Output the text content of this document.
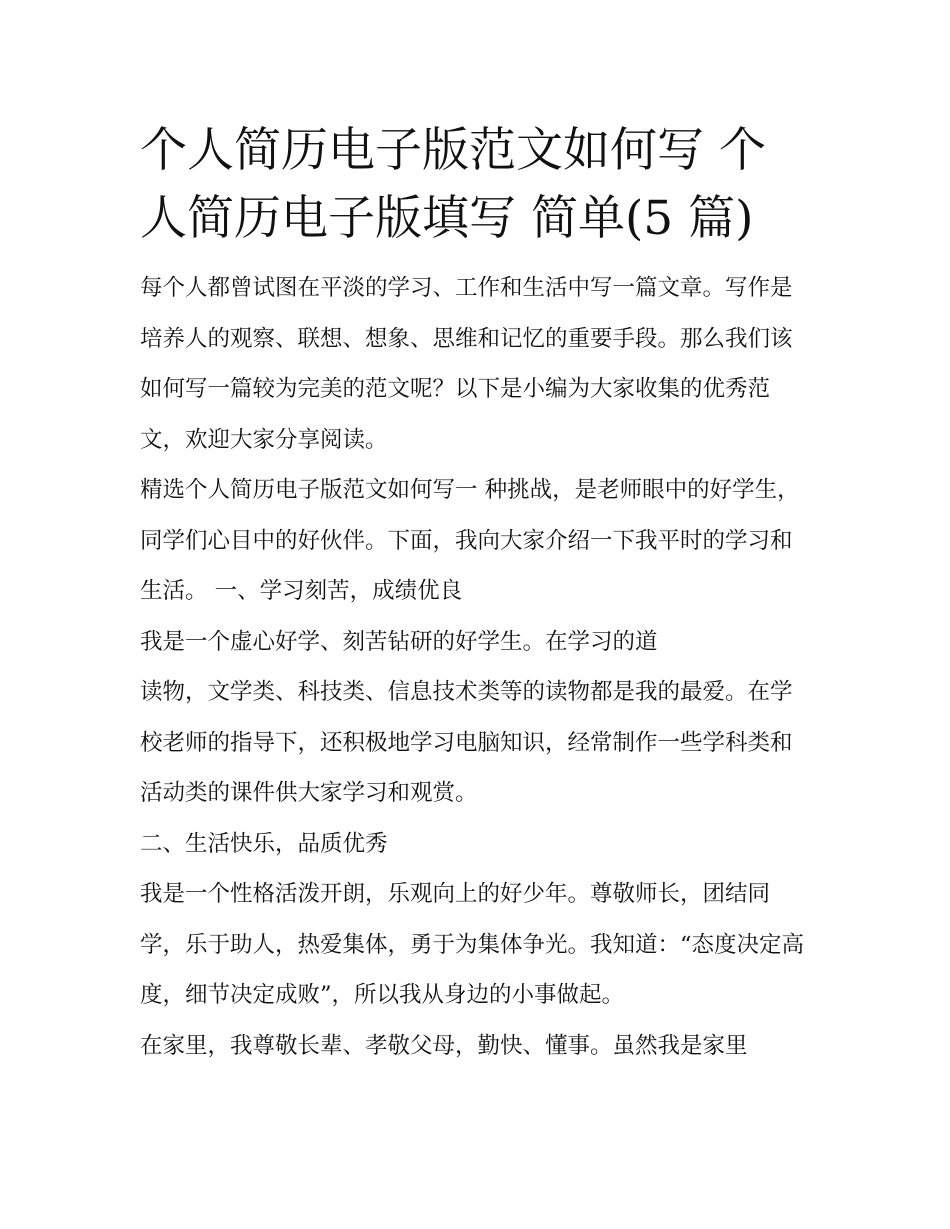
个人简历电子版范文如何写 个人简历电子版填写 简单(5 篇)

每个人都曾试图在平淡的学习、工作和生活中写一篇文章。写作是培养人的观察、联想、想象、思维和记忆的重要手段。那么我们该如何写一篇较为完美的范文呢？以下是小编为大家收集的优秀范文，欢迎大家分享阅读。

精选个人简历电子版范文如何写一 种挑战，是老师眼中的好学生，同学们心目中的好伙伴。下面，我向大家介绍一下我平时的学习和生活。 一、学习刻苦，成绩优良

我是一个虚心好学、刻苦钻研的好学生。在学习的道

读物，文学类、科技类、信息技术类等的读物都是我的最爱。在学校老师的指导下，还积极地学习电脑知识，经常制作一些学科类和活动类的课件供大家学习和观赏。

二、生活快乐，品质优秀

我是一个性格活泼开朗，乐观向上的好少年。尊敬师长，团结同学，乐于助人，热爱集体，勇于为集体争光。我知道：“态度决定高度，细节决定成败”，所以我从身边的小事做起。

在家里，我尊敬长辈、孝敬父母，勤快、懂事。虽然我是家里
